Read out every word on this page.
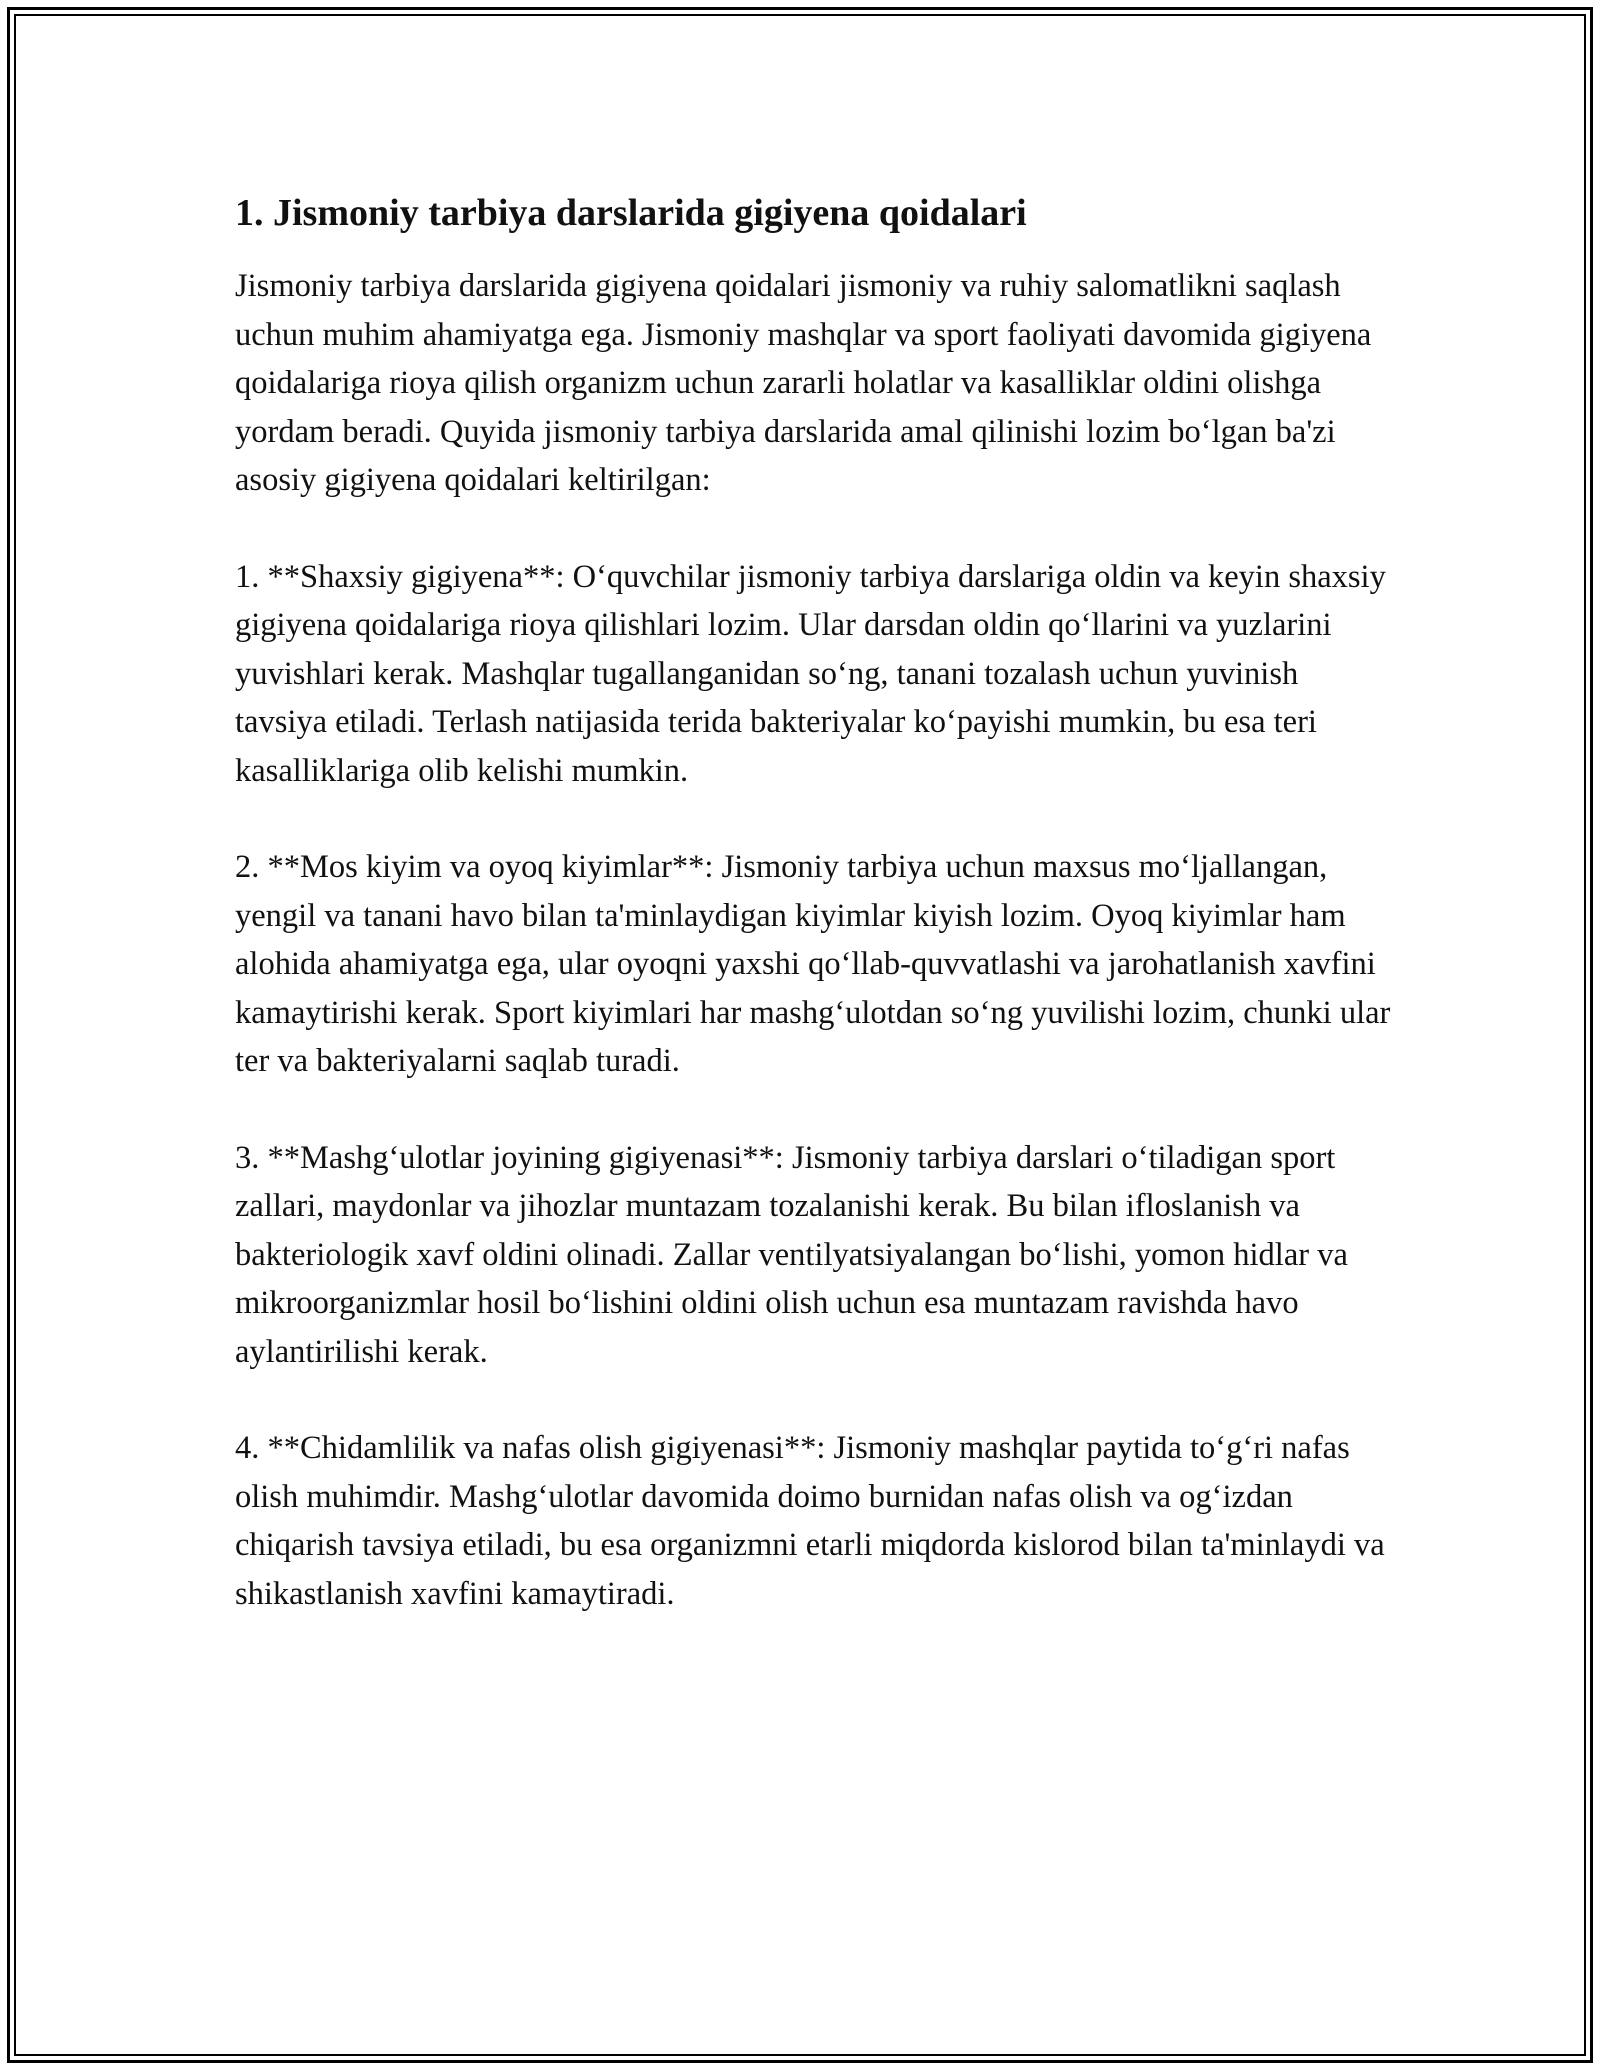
1. Jismoniy tarbiya darslarida gigiyena qoidalari

Jismoniy tarbiya darslarida gigiyena qoidalari jismoniy va ruhiy salomatlikni saqlash uchun muhim ahamiyatga ega. Jismoniy mashqlar va sport faoliyati davomida gigiyena qoidalariga rioya qilish organizm uchun zararli holatlar va kasalliklar oldini olishga yordam beradi. Quyida jismoniy tarbiya darslarida amal qilinishi lozim bo‘lgan ba'zi asosiy gigiyena qoidalari keltirilgan:

1. **Shaxsiy gigiyena**: O‘quvchilar jismoniy tarbiya darslariga oldin va keyin shaxsiy gigiyena qoidalariga rioya qilishlari lozim. Ular darsdan oldin qo‘llarini va yuzlarini yuvishlari kerak. Mashqlar tugallanganidan so‘ng, tanani tozalash uchun yuvinish tavsiya etiladi. Terlash natijasida terida bakteriyalar ko‘payishi mumkin, bu esa teri kasalliklariga olib kelishi mumkin.

2. **Mos kiyim va oyoq kiyimlar**: Jismoniy tarbiya uchun maxsus mo‘ljallangan, yengil va tanani havo bilan ta'minlaydigan kiyimlar kiyish lozim. Oyoq kiyimlar ham alohida ahamiyatga ega, ular oyoqni yaxshi qo‘llab-quvvatlashi va jarohatlanish xavfini kamaytirishi kerak. Sport kiyimlari har mashg‘ulotdan so‘ng yuvilishi lozim, chunki ular ter va bakteriyalarni saqlab turadi.

3. **Mashg‘ulotlar joyining gigiyenasi**: Jismoniy tarbiya darslari o‘tiladigan sport zallari, maydonlar va jihozlar muntazam tozalanishi kerak. Bu bilan ifloslanish va bakteriologik xavf oldini olinadi. Zallar ventilyatsiyalangan bo‘lishi, yomon hidlar va mikroorganizmlar hosil bo‘lishini oldini olish uchun esa muntazam ravishda havo aylantirilishi kerak.

4. **Chidamlilik va nafas olish gigiyenasi**: Jismoniy mashqlar paytida to‘g‘ri nafas olish muhimdir. Mashg‘ulotlar davomida doimo burnidan nafas olish va og‘izdan chiqarish tavsiya etiladi, bu esa organizmni etarli miqdorda kislorod bilan ta'minlaydi va shikastlanish xavfini kamaytiradi.
